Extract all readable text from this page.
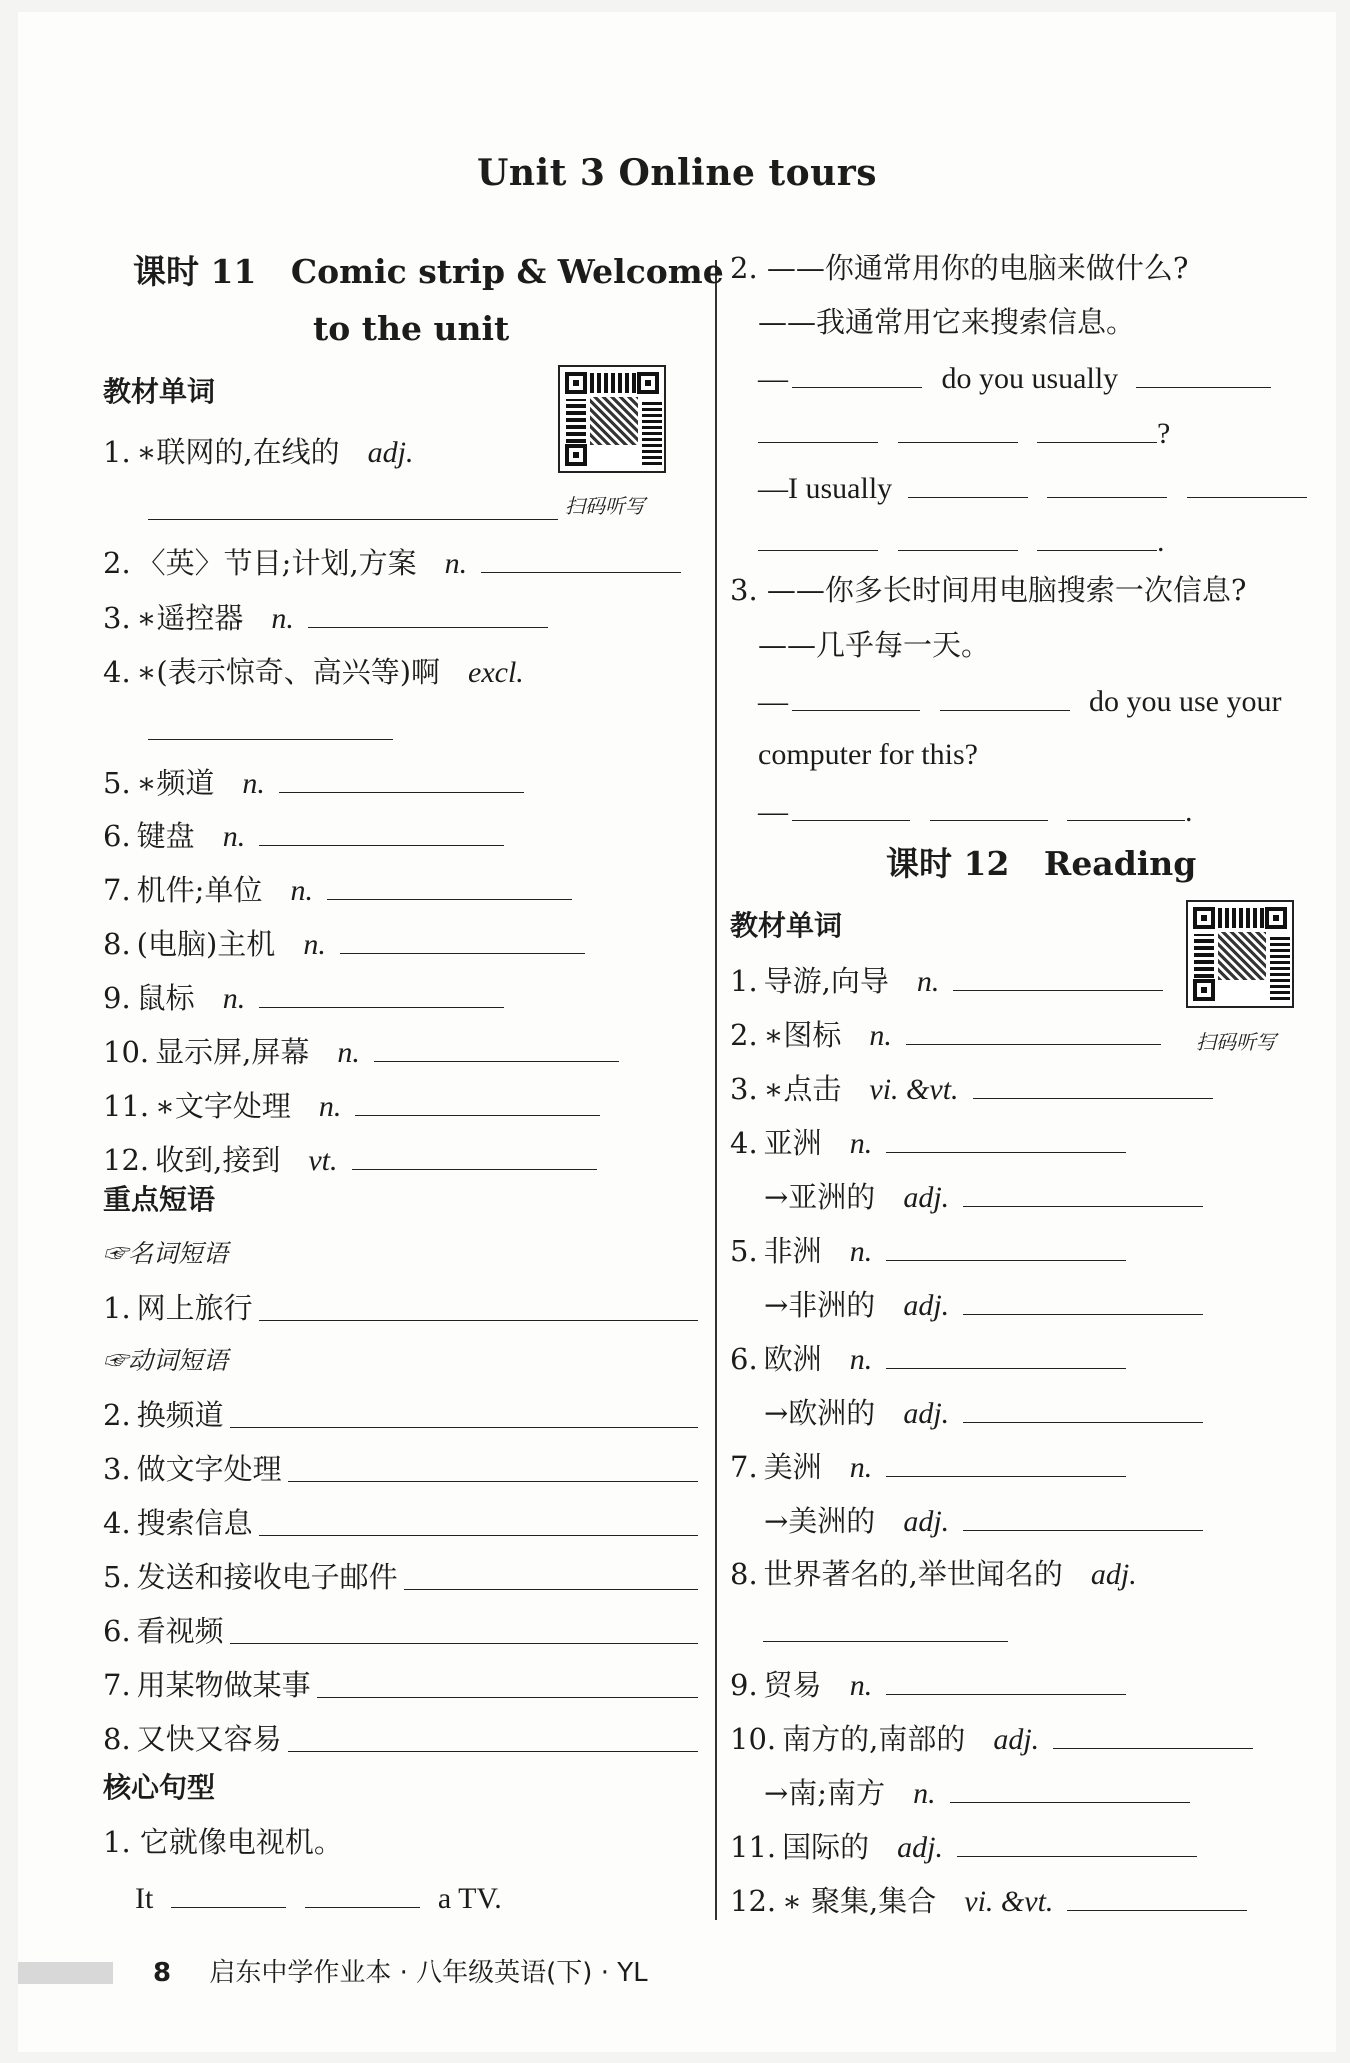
Unit 3 Online tours
课时 11 Comic strip & Welcome
to the unit
教材单词
扫码听写
1. ∗联网的,在线的 adj.
2. 〈英〉节目;计划,方案 n.
3. ∗遥控器 n.
4. ∗(表示惊奇、高兴等)啊 excl.
5. ∗频道 n.
6. 键盘 n.
7. 机件;单位 n.
8. (电脑)主机 n.
9. 鼠标 n.
10. 显示屏,屏幕 n.
11. ∗文字处理 n.
12. 收到,接到 vt.
重点短语
☞名词短语
☞动词短语
1. 网上旅行
2. 换频道
3. 做文字处理
4. 搜索信息
5. 发送和接收电子邮件
6. 看视频
7. 用某物做某事
8. 又快又容易
核心句型
1. 它就像电视机。
It	a TV.
2. ——你通常用你的电脑来做什么?
——我通常用它来搜索信息。
—	do you usually
?
—I usually
.
3. ——你多长时间用电脑搜索一次信息?
——几乎每一天。
—	do you use your
computer for this?
—	.
课时 12 Reading
教材单词
扫码听写
1. 导游,向导 n.
2. ∗图标 n.
3. ∗点击 vi. &vt.
4. 亚洲 n.
→亚洲的 adj.
5. 非洲 n.
→非洲的 adj.
6. 欧洲 n.
→欧洲的 adj.
7. 美洲 n.
→美洲的 adj.
8. 世界著名的,举世闻名的 adj.
9. 贸易 n.
10. 南方的,南部的 adj.
→南;南方 n.
11. 国际的 adj.
12. ∗ 聚集,集合 vi. &vt.
8 启东中学作业本 · 八年级英语(下) · YL
